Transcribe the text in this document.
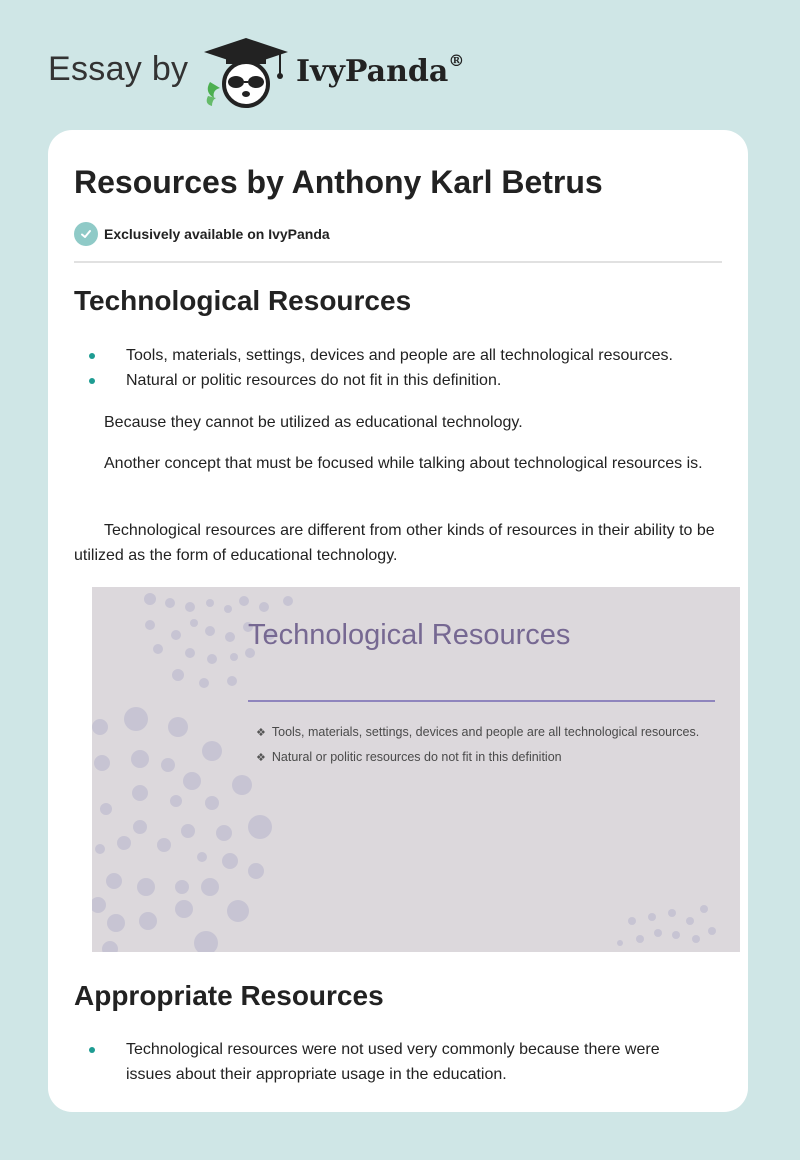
Essay by	IvyPanda®
Resources by Anthony Karl Betrus
Exclusively available on IvyPanda
Technological Resources
Tools, materials, settings, devices and people are all technological resources.
Natural or politic resources do not fit in this definition.

Because they cannot be utilized as educational technology.

Another concept that must be focused while talking about technological resources is.

Technological resources are different from other kinds of resources in their ability to be utilized as the form of educational technology.

Technological Resources
❖ Tools, materials, settings, devices and people are all technological resources.
❖ Natural or politic resources do not fit in this definition
Appropriate Resources
Technological resources were not used very commonly because there were issues about their appropriate usage in the education.
